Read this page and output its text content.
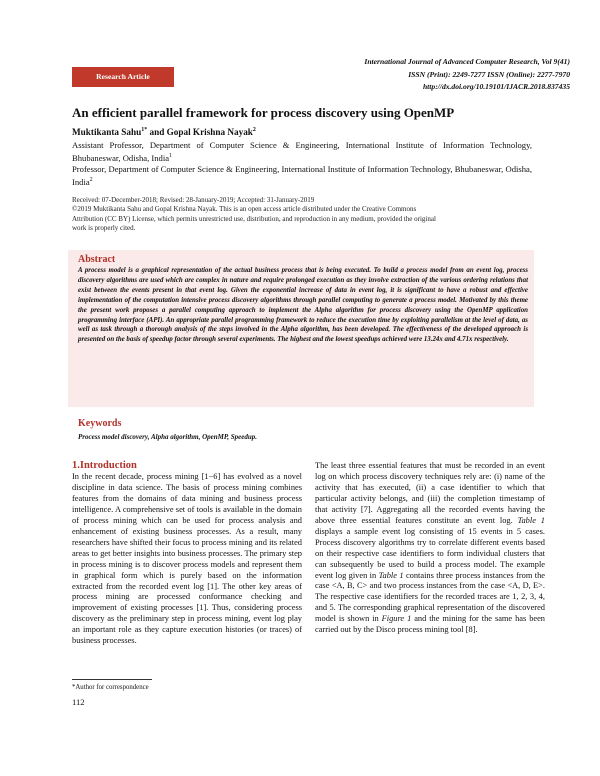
International Journal of Advanced Computer Research, Vol 9(41)
ISSN (Print): 2249-7277 ISSN (Online): 2277-7970
http://dx.doi.org/10.19101/IJACR.2018.837435
Research Article
An efficient parallel framework for process discovery using OpenMP
Muktikanta Sahu$^{1*}$ and Gopal Krishna Nayak$^2$
Assistant Professor, Department of Computer Science & Engineering, International Institute of Information Technology, Bhubaneswar, Odisha, India$^1$
Professor, Department of Computer Science & Engineering, International Institute of Information Technology, Bhubaneswar, Odisha, India$^2$
Received: 07-December-2018; Revised: 28-January-2019; Accepted: 31-January-2019
©2019 Muktikanta Sahu and Gopal Krishna Nayak. This is an open access article distributed under the Creative Commons
Attribution (CC BY) License, which permits unrestricted use, distribution, and reproduction in any medium, provided the original
work is properly cited.
Abstract
A process model is a graphical representation of the actual business process that is being executed. To build a process model from an event log, process discovery algorithms are used which are complex in nature and require prolonged execution as they involve extraction of the various ordering relations that exist between the events present in that event log. Given the exponential increase of data in event log, it is significant to have a robust and effective implementation of the computation intensive process discovery algorithms through parallel computing to generate a process model. Motivated by this theme the present work proposes a parallel computing approach to implement the Alpha algorithm for process discovery using the OpenMP application programming interface (API). An appropriate parallel programming framework to reduce the execution time by exploiting parallelism at the level of data, as well as task through a thorough analysis of the steps involved in the Alpha algorithm, has been developed. The effectiveness of the developed approach is presented on the basis of speedup factor through several experiments. The highest and the lowest speedups achieved were 13.24x and 4.71x respectively.
Keywords
Process model discovery, Alpha algorithm, OpenMP, Speedup.
1.Introduction
In the recent decade, process mining [1−6] has evolved as a novel discipline in data science. The basis of process mining combines features from the domains of data mining and business process intelligence. A comprehensive set of tools is available in the domain of process mining which can be used for process analysis and enhancement of existing business processes. As a result, many researchers have shifted their focus to process mining and its related areas to get better insights into business processes. The primary step in process mining is to discover process models and represent them in graphical form which is purely based on the information extracted from the recorded event log [1]. The other key areas of process mining are processed conformance checking and improvement of existing processes [1]. Thus, considering process discovery as the preliminary step in process mining, event log play an important role as they capture execution histories (or traces) of business processes.
The least three essential features that must be recorded in an event log on which process discovery techniques rely are: (i) name of the activity that has executed, (ii) a case identifier to which that particular activity belongs, and (iii) the completion timestamp of that activity [7]. Aggregating all the recorded events having the above three essential features constitute an event log. Table 1 displays a sample event log consisting of 15 events in 5 cases. Process discovery algorithms try to correlate different events based on their respective case identifiers to form individual clusters that can subsequently be used to build a process model. The example event log given in Table 1 contains three process instances from the case <A, B, C> and two process instances from the case <A, D, E>. The respective case identifiers for the recorded traces are 1, 2, 3, 4, and 5. The corresponding graphical representation of the discovered model is shown in Figure 1 and the mining for the same has been carried out by the Disco process mining tool [8].
*Author for correspondence
112
